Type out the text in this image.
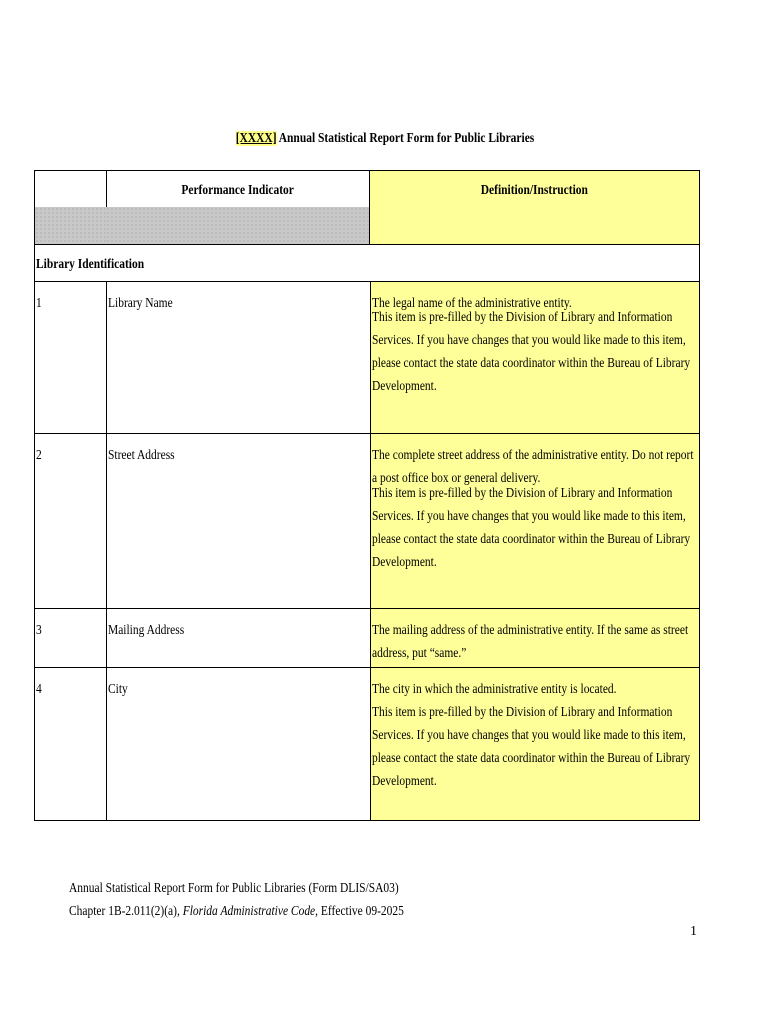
[XXXX] Annual Statistical Report Form for Public Libraries
Performance Indicator	Definition/Instruction
Library Identification
1	Library Name	The legal name of the administrative entity.
This item is pre-filled by the Division of Library and Information Services. If you have changes that you would like made to this item, please contact the state data coordinator within the Bureau of Library Development.
2	Street Address	The complete street address of the administrative entity. Do not report a post office box or general delivery.
This item is pre-filled by the Division of Library and Information Services. If you have changes that you would like made to this item, please contact the state data coordinator within the Bureau of Library Development.
3	Mailing Address	The mailing address of the administrative entity. If the same as street address, put “same.”
4	City	The city in which the administrative entity is located.
This item is pre-filled by the Division of Library and Information Services. If you have changes that you would like made to this item, please contact the state data coordinator within the Bureau of Library Development.
Annual Statistical Report Form for Public Libraries (Form DLIS/SA03)
Chapter 1B-2.011(2)(a), Florida Administrative Code, Effective 09-2025
1
